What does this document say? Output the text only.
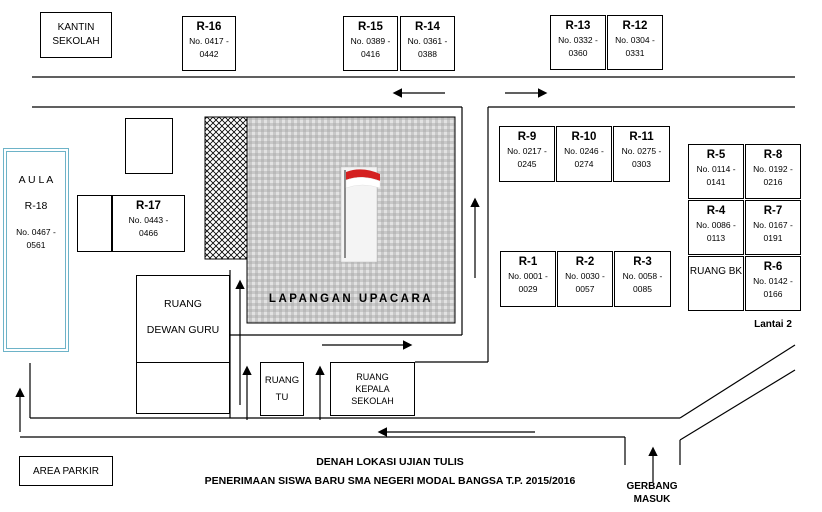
KANTIN SEKOLAH
R-16
No. 0417 -
0442
R-15
No. 0389 -
0416
R-14
No. 0361 -
0388
R-13
No. 0332 -
0360
R-12
No. 0304 -
0331
A U L A
R-18
No. 0467 -
0561
R-17
No. 0443 -
0466
LAPANGAN UPACARA
RUANG
DEWAN GURU
RUANG
TU
RUANG
KEPALA
SEKOLAH
R-9
No. 0217 -
0245
R-10
No. 0246 -
0274
R-11
No. 0275 -
0303
R-1
No. 0001 -
0029
R-2
No. 0030 -
0057
R-3
No. 0058 -
0085
R-5
No. 0114 -
0141
R-8
No. 0192 -
0216
R-4
No. 0086 -
0113
R-7
No. 0167 -
0191
RUANG BK R-6
No. 0142 -
0166
Lantai 2
AREA PARKIR
DENAH LOKASI UJIAN TULIS
PENERIMAAN SISWA BARU SMA NEGERI MODAL BANGSA T.P. 2015/2016	GERBANG
MASUK
